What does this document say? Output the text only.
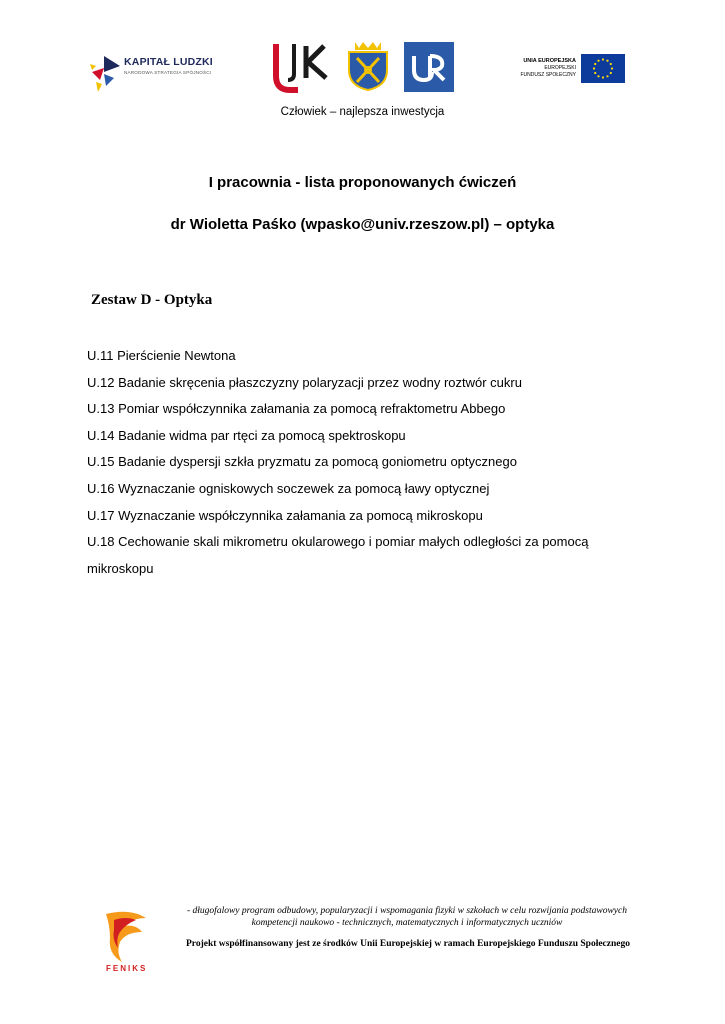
KAPITAŁ LUDZKI
NARODOWA STRATEGIA SPÓJNOŚCI
UNIA EUROPEJSKA
EUROPEJSKI
FUNDUSZ SPOŁECZNY
Człowiek – najlepsza inwestycja
I pracownia - lista proponowanych ćwiczeń
dr Wioletta Paśko (wpasko@univ.rzeszow.pl) – optyka
Zestaw D - Optyka
U.11 Pierścienie Newtona
U.12 Badanie skręcenia płaszczyzny polaryzacji przez wodny roztwór cukru
U.13 Pomiar współczynnika załamania za pomocą refraktometru Abbego
U.14 Badanie widma par rtęci za pomocą spektroskopu
U.15 Badanie dyspersji szkła pryzmatu za pomocą goniometru optycznego
U.16 Wyznaczanie ogniskowych soczewek za pomocą ławy optycznej
U.17 Wyznaczanie współczynnika załamania za pomocą mikroskopu
U.18 Cechowanie skali mikrometru okularowego i pomiar małych odległości za pomocą
mikroskopu
FENIKS
- długofalowy program odbudowy, popularyzacji i wspomagania fizyki w szkołach w celu rozwijania podstawowych
kompetencji naukowo - technicznych, matematycznych i informatycznych uczniów
Projekt współfinansowany jest ze środków Unii Europejskiej w ramach Europejskiego Funduszu Społecznego
